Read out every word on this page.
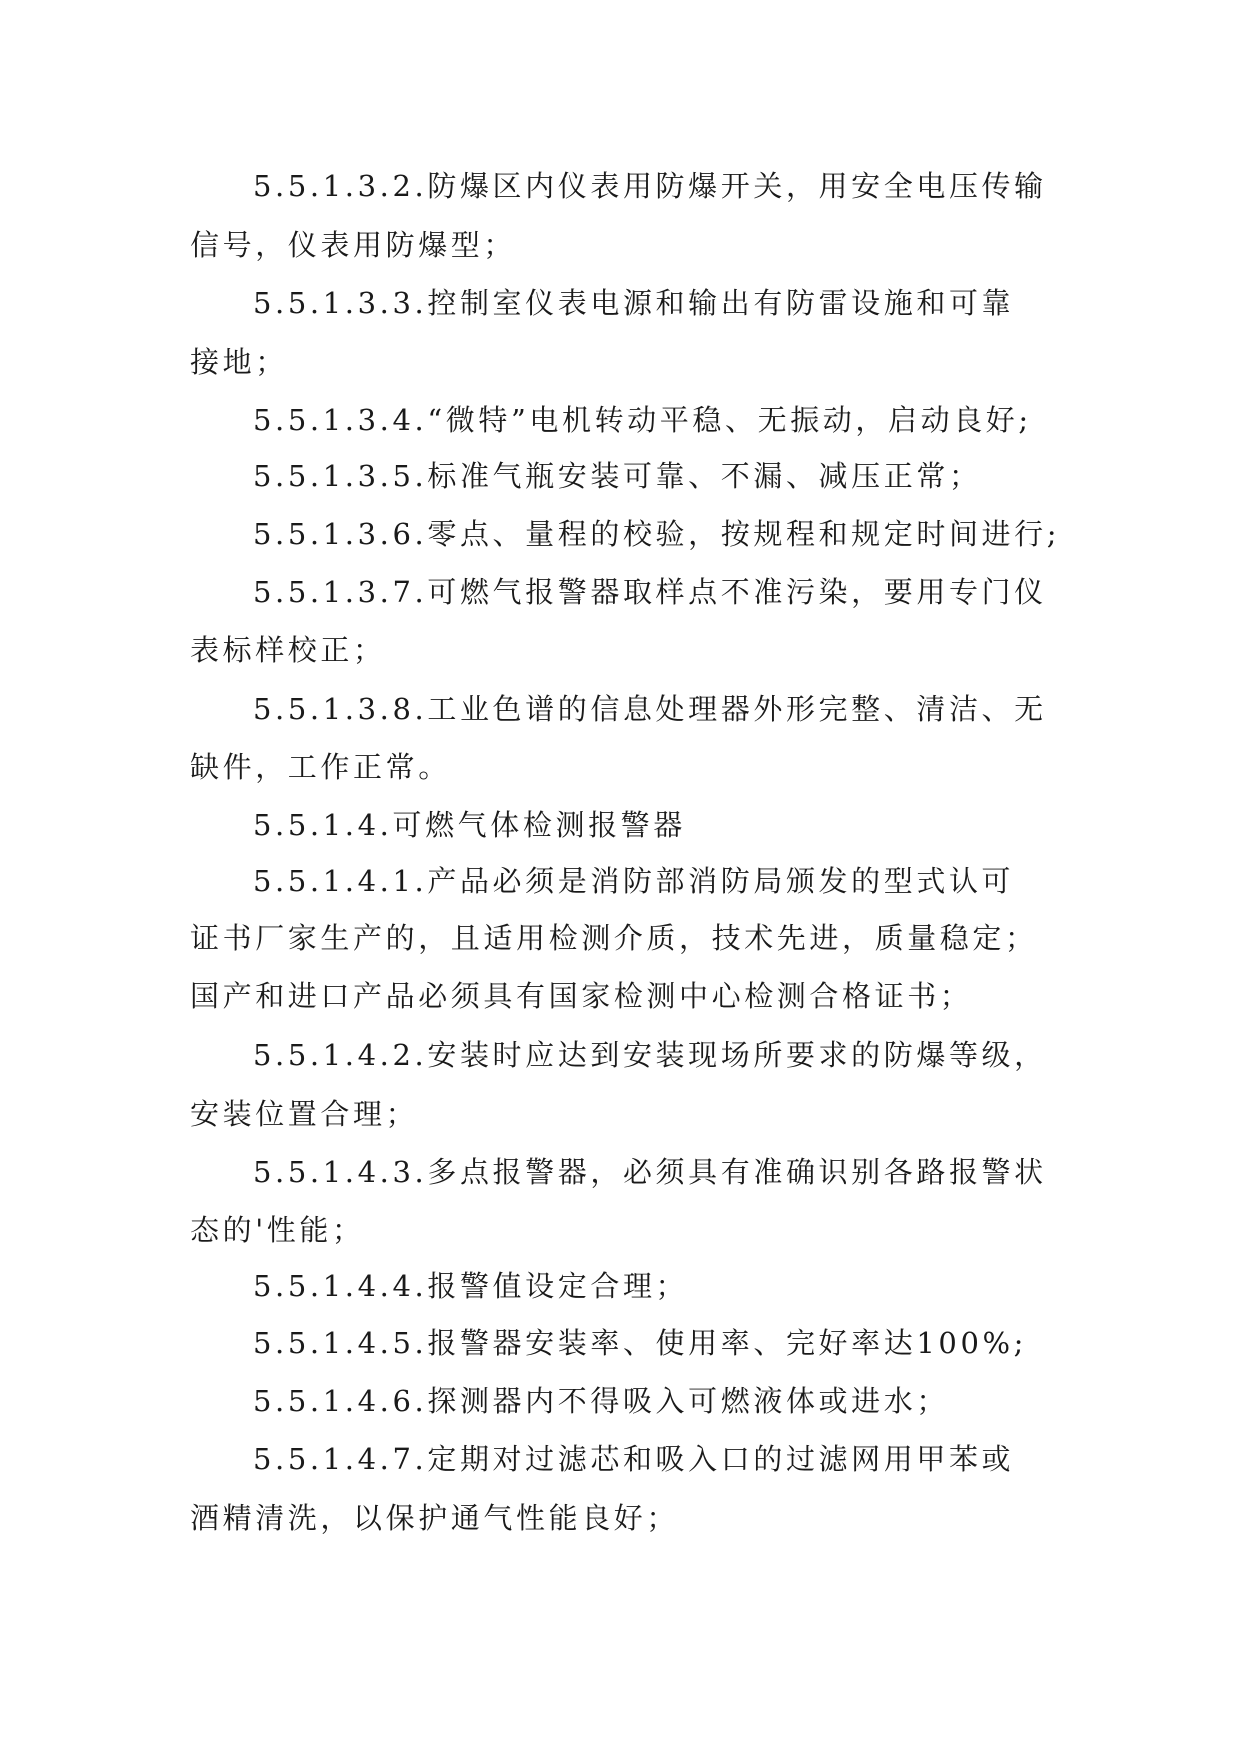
5.5.1.3.2.防爆区内仪表用防爆开关，用安全电压传输

信号，仪表用防爆型；

5.5.1.3.3.控制室仪表电源和输出有防雷设施和可靠

接地；

5.5.1.3.4.“微特”电机转动平稳、无振动，启动良好;

5.5.1.3.5.标准气瓶安装可靠、不漏、减压正常；

5.5.1.3.6.零点、量程的校验，按规程和规定时间进行;

5.5.1.3.7.可燃气报警器取样点不准污染，要用专门仪

表标样校正；

5.5.1.3.8.工业色谱的信息处理器外形完整、清洁、无

缺件，工作正常。

5.5.1.4.可燃气体检测报警器

5.5.1.4.1.产品必须是消防部消防局颁发的型式认可

证书厂家生产的，且适用检测介质，技术先进，质量稳定；

国产和进口产品必须具有国家检测中心检测合格证书；

5.5.1.4.2.安装时应达到安装现场所要求的防爆等级，

安装位置合理；

5.5.1.4.3.多点报警器，必须具有准确识别各路报警状

态的'性能；

5.5.1.4.4.报警值设定合理；

5.5.1.4.5.报警器安装率、使用率、完好率达100%;

5.5.1.4.6.探测器内不得吸入可燃液体或进水；

5.5.1.4.7.定期对过滤芯和吸入口的过滤网用甲苯或

酒精清洗，以保护通气性能良好；
